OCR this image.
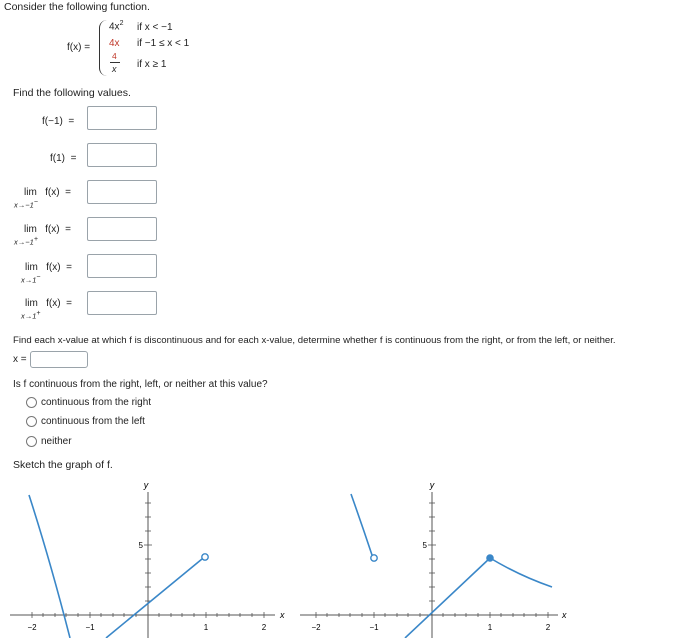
Consider the following function.
f(x) =
$4x^2$ if x < −1
4x if −1 ≤ x < 1
4
x if x ≥ 1
Find the following values.
f(−1) =
f(1) =
lim f(x) =
x→−1−
lim f(x) =
x→−1+
lim f(x) =
x→1−
lim f(x) =
x→1+
Find each x-value at which f is discontinuous and for each x-value, determine whether f is continuous from the right, or from the left, or neither.
x =
Is f continuous from the right, left, or neither at this value?
continuous from the right
continuous from the left
neither
Sketch the graph of f.
y
x
5
−2	−1	1	2
y
x
5
−2	−1	1	2
